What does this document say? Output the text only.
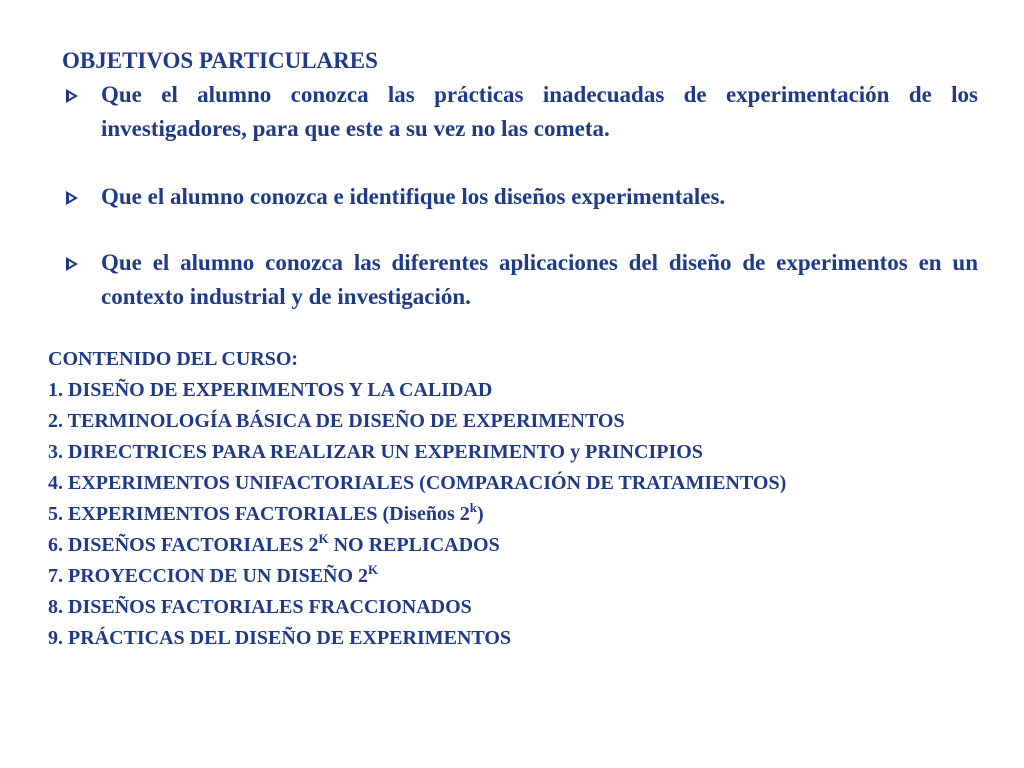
OBJETIVOS PARTICULARES
Que el alumno conozca las prácticas inadecuadas de experimentación de los investigadores, para que este a su vez no las cometa.
Que el alumno conozca e identifique los diseños experimentales.
Que el alumno conozca las diferentes aplicaciones del diseño de experimentos en un contexto industrial y de investigación.
CONTENIDO DEL CURSO:
1. DISEÑO DE EXPERIMENTOS Y LA CALIDAD
2. TERMINOLOGÍA BÁSICA DE DISEÑO DE EXPERIMENTOS
3. DIRECTRICES PARA REALIZAR UN EXPERIMENTO y PRINCIPIOS
4. EXPERIMENTOS UNIFACTORIALES (COMPARACIÓN DE TRATAMIENTOS)
5. EXPERIMENTOS FACTORIALES (Diseños 2$^k$)
6. DISEÑOS FACTORIALES $2^K$ NO REPLICADOS
7. PROYECCION DE UN DISEÑO $2^K$
8. DISEÑOS FACTORIALES FRACCIONADOS
9. PRÁCTICAS DEL DISEÑO DE EXPERIMENTOS
